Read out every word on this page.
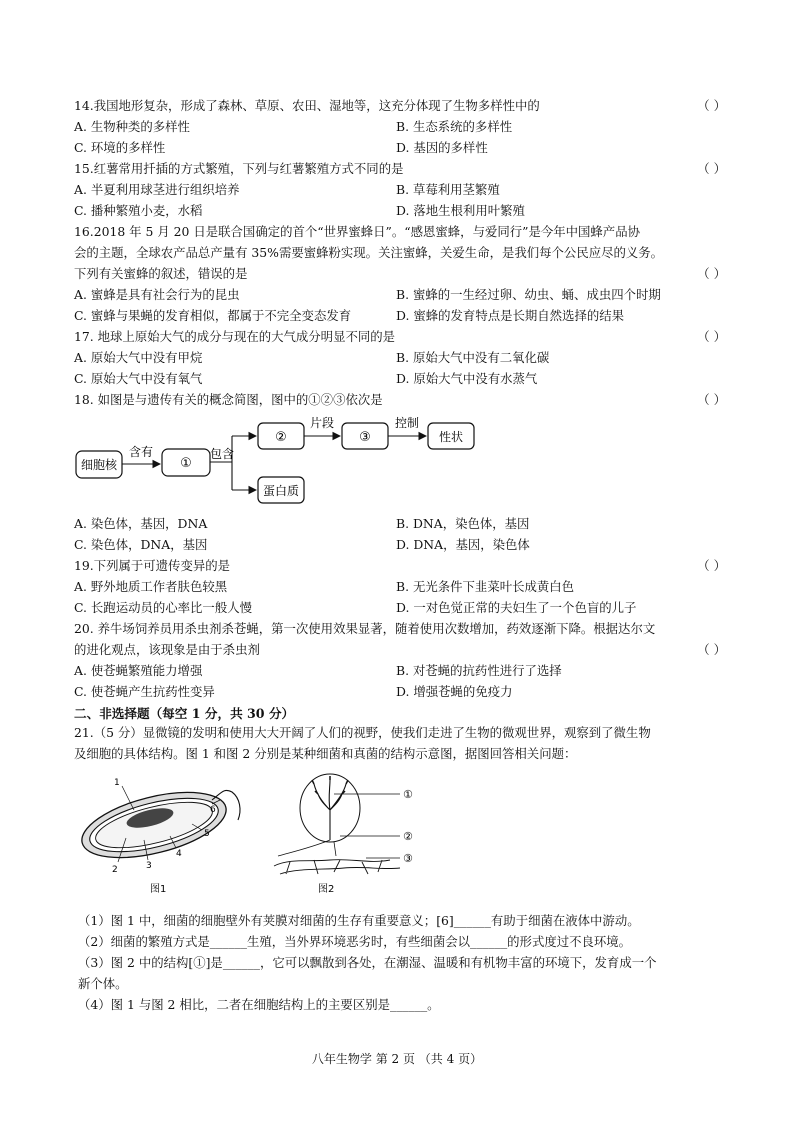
14.我国地形复杂，形成了森林、草原、农田、湿地等，这充分体现了生物多样性中的	（ ）
A. 生物种类的多样性	B. 生态系统的多样性
C. 环境的多样性	D. 基因的多样性
15.红薯常用扦插的方式繁殖，下列与红薯繁殖方式不同的是	（ ）
A. 半夏利用球茎进行组织培养	B. 草莓利用茎繁殖
C. 播种繁殖小麦，水稻	D. 落地生根利用叶繁殖
16.2018 年 5 月 20 日是联合国确定的首个“世界蜜蜂日”。“感恩蜜蜂，与爱同行”是今年中国蜂产品协
会的主题，全球农产品总产量有 35%需要蜜蜂粉实现。关注蜜蜂，关爱生命，是我们每个公民应尽的义务。
下列有关蜜蜂的叙述，错误的是	（ ）
A. 蜜蜂是具有社会行为的昆虫	B. 蜜蜂的一生经过卵、幼虫、蛹、成虫四个时期
C. 蜜蜂与果蝇的发育相似，都属于不完全变态发育	D. 蜜蜂的发育特点是长期自然选择的结果
17. 地球上原始大气的成分与现在的大气成分明显不同的是	（ ）
A. 原始大气中没有甲烷	B. 原始大气中没有二氧化碳
C. 原始大气中没有氧气	D. 原始大气中没有水蒸气
18. 如图是与遗传有关的概念简图，图中的①②③依次是	（ ）
细胞核
含有
①
包含
②
片段
③
控制
性状
蛋白质
A. 染色体，基因，DNA	B. DNA，染色体，基因
C. 染色体，DNA，基因	D. DNA，基因，染色体
19.下列属于可遗传变异的是	（ ）
A. 野外地质工作者肤色较黑	B. 无光条件下韭菜叶长成黄白色
C. 长跑运动员的心率比一般人慢	D. 一对色觉正常的夫妇生了一个色盲的儿子
20. 养牛场饲养员用杀虫剂杀苍蝇，第一次使用效果显著，随着使用次数增加，药效逐渐下降。根据达尔文
的进化观点，该现象是由于杀虫剂	（ ）
A. 使苍蝇繁殖能力增强	B. 对苍蝇的抗药性进行了选择
C. 使苍蝇产生抗药性变异	D. 增强苍蝇的免疫力
二、非选择题（每空 1 分，共 30 分）
21.（5 分）显微镜的发明和使用大大开阔了人们的视野，使我们走进了生物的微观世界，观察到了微生物
及细胞的具体结构。图 1 和图 2 分别是某种细菌和真菌的结构示意图，据图回答相关问题：
1
2	3
4
5
6
图1
①
②
③
图2
（1）图 1 中，细菌的细胞壁外有荚膜对细菌的生存有重要意义；[6]______有助于细菌在液体中游动。
（2）细菌的繁殖方式是______生殖，当外界环境恶劣时，有些细菌会以______的形式度过不良环境。
（3）图 2 中的结构[①]是______，它可以飘散到各处，在潮湿、温暖和有机物丰富的环境下，发育成一个
新个体。
（4）图 1 与图 2 相比，二者在细胞结构上的主要区别是______。
八年生物学 第 2 页 （共 4 页）
